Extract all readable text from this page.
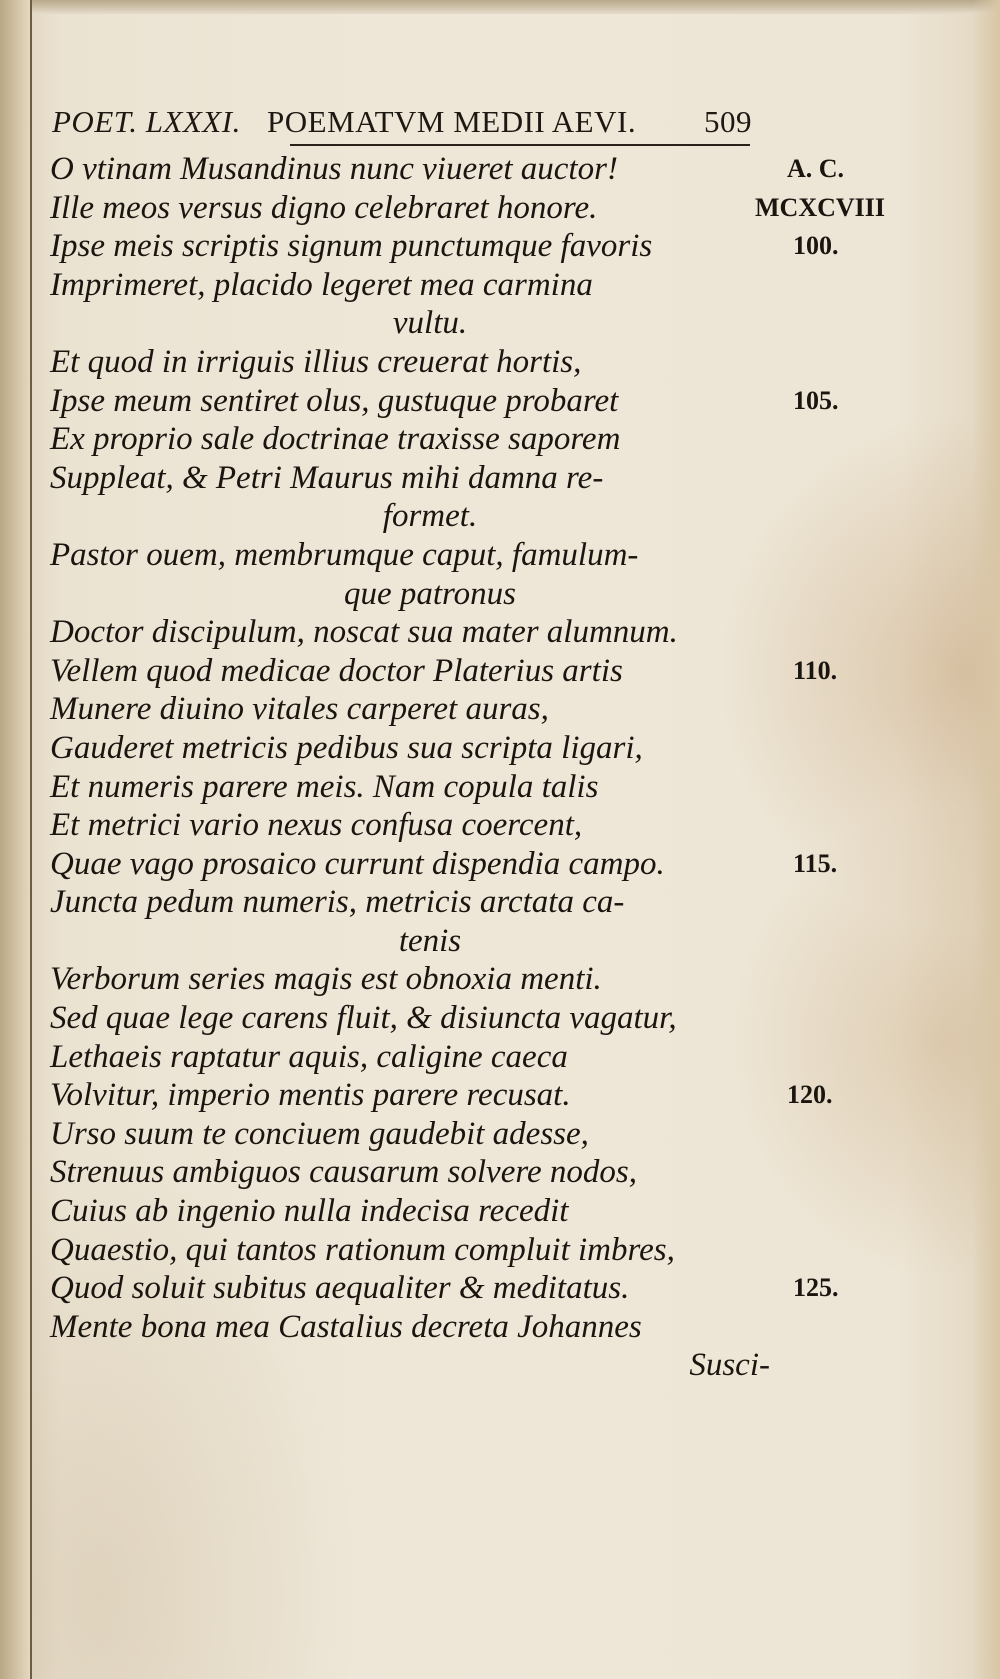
POET. LXXXI. POEMATVM MEDII AEVI. 509
O vtinam Musandinus nunc viueret auctor!
Ille meos versus digno celebraret honore.
Ipse meis scriptis signum punctumque favoris
Imprimeret, placido legeret mea carmina
vultu.
Et quod in irriguis illius creuerat hortis,
Ipse meum sentiret olus, gustuque probaret
Ex proprio sale doctrinae traxisse saporem
Suppleat, & Petri Maurus mihi damna re-
formet.
Pastor ouem, membrumque caput, famulum-
que patronus
Doctor discipulum, noscat sua mater alumnum.
Vellem quod medicae doctor Platerius artis
Munere diuino vitales carperet auras,
Gauderet metricis pedibus sua scripta ligari,
Et numeris parere meis. Nam copula talis
Et metrici vario nexus confusa coercent,
Quae vago prosaico currunt dispendia campo.
Juncta pedum numeris, metricis arctata ca-
tenis
Verborum series magis est obnoxia menti.
Sed quae lege carens fluit, & disiuncta vagatur,
Lethaeis raptatur aquis, caligine caeca
Volvitur, imperio mentis parere recusat.
Urso suum te conciuem gaudebit adesse,
Strenuus ambiguos causarum solvere nodos,
Cuius ab ingenio nulla indecisa recedit
Quaestio, qui tantos rationum compluit imbres,
Quod soluit subitus aequaliter & meditatus.
Mente bona mea Castalius decreta Johannes
Susci-
A. C.
MCXCVIII
100.
105.
110.
115.
120.
125.
